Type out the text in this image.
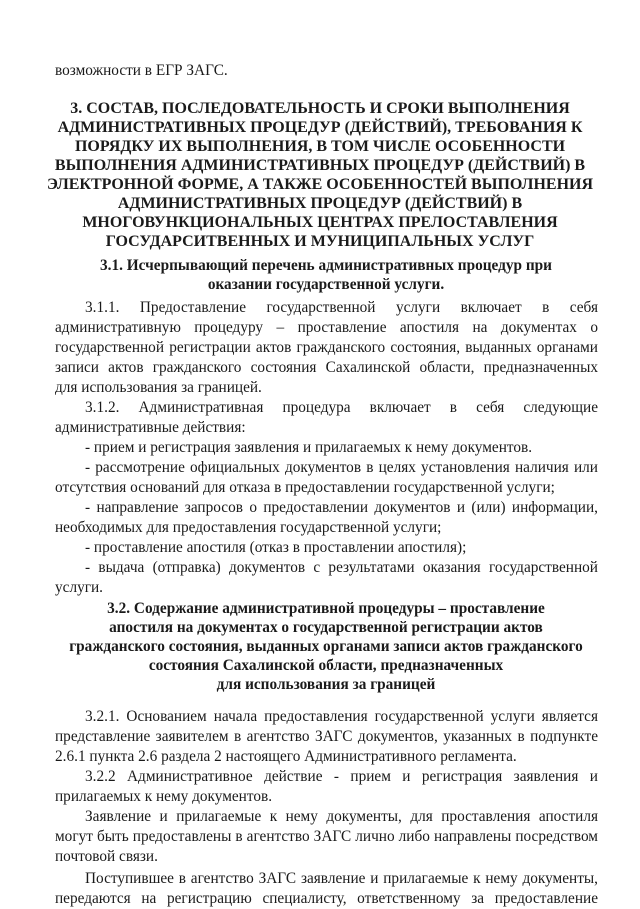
возможности в ЕГР ЗАГС.

3. СОСТАВ, ПОСЛЕДОВАТЕЛЬНОСТЬ И СРОКИ ВЫПОЛНЕНИЯ

АДМИНИСТРАТИВНЫХ ПРОЦЕДУР (ДЕЙСТВИЙ), ТРЕБОВАНИЯ К

ПОРЯДКУ ИХ ВЫПОЛНЕНИЯ, В ТОМ ЧИСЛЕ ОСОБЕННОСТИ

ВЫПОЛНЕНИЯ АДМИНИСТРАТИВНЫХ ПРОЦЕДУР (ДЕЙСТВИЙ) В

ЭЛЕКТРОННОЙ ФОРМЕ, А ТАКЖЕ ОСОБЕННОСТЕЙ ВЫПОЛНЕНИЯ

АДМИНИСТРАТИВНЫХ ПРОЦЕДУР (ДЕЙСТВИЙ) В

МНОГОВУНКЦИОНАЛЬНЫХ ЦЕНТРАХ ПРЕЛОСТАВЛЕНИЯ

ГОСУДАРСИТВЕННЫХ И МУНИЦИПАЛЬНЫХ УСЛУГ

3.1. Исчерпывающий перечень административных процедур при

оказании государственной услуги.

3.1.1. Предоставление государственной услуги включает в себя

административную процедуру – проставление апостиля на документах о

государственной регистрации актов гражданского состояния, выданных органами

записи актов гражданского состояния Сахалинской области, предназначенных

для использования за границей.

3.1.2. Административная процедура включает в себя следующие

административные действия:

- прием и регистрация заявления и прилагаемых к нему документов.

- рассмотрение официальных документов в целях установления наличия или

отсутствия оснований для отказа в предоставлении государственной услуги;

- направление запросов о предоставлении документов и (или) информации,

необходимых для предоставления государственной услуги;

- проставление апостиля (отказ в проставлении апостиля);

- выдача (отправка) документов с результатами оказания государственной

услуги.

3.2. Содержание административной процедуры – проставление

апостиля на документах о государственной регистрации актов

гражданского состояния, выданных органами записи актов гражданского

состояния Сахалинской области, предназначенных

для использования за границей

3.2.1. Основанием начала предоставления государственной услуги является

представление заявителем в агентство ЗАГС документов, указанных в подпункте

2.6.1 пункта 2.6 раздела 2 настоящего Административного регламента.

3.2.2 Административное действие - прием и регистрация заявления и

прилагаемых к нему документов.

Заявление и прилагаемые к нему документы, для проставления апостиля

могут быть предоставлены в агентство ЗАГС лично либо направлены посредством

почтовой связи.

Поступившее в агентство ЗАГС заявление и прилагаемые к нему документы,

передаются на регистрацию специалисту, ответственному за предоставление
